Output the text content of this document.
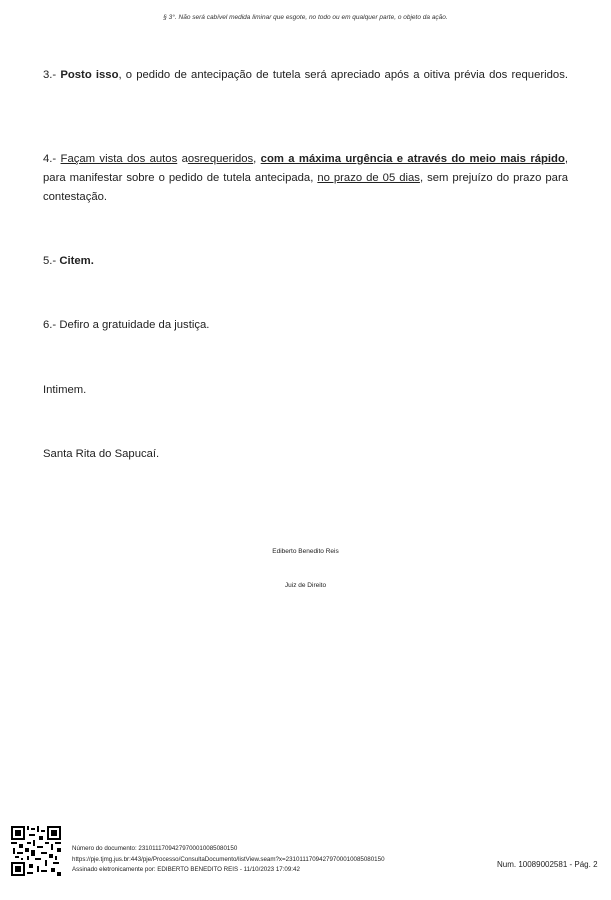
§ 3°. Não será cabível medida liminar que esgote, no todo ou em qualquer parte, o objeto da ação.
3.- Posto isso, o pedido de antecipação de tutela será apreciado após a oitiva prévia dos requeridos.
4.- Façam vista dos autos aosrequeridos, com a máxima urgência e através do meio mais rápido, para manifestar sobre o pedido de tutela antecipada, no prazo de 05 dias, sem prejuízo do prazo para contestação.
5.- Citem.
6.- Defiro a gratuidade da justiça.
Intimem.
Santa Rita do Sapucaí.
Ediberto Benedito Reis
Juiz de Direito
Número do documento: 23101117094279700010085080150
https://pje.tjmg.jus.br:443/pje/Processo/ConsultaDocumento/listView.seam?x=23101117094279700010085080150
Assinado eletronicamente por: EDIBERTO BENEDITO REIS - 11/10/2023 17:09:42
Num. 10089002581 - Pág. 2
